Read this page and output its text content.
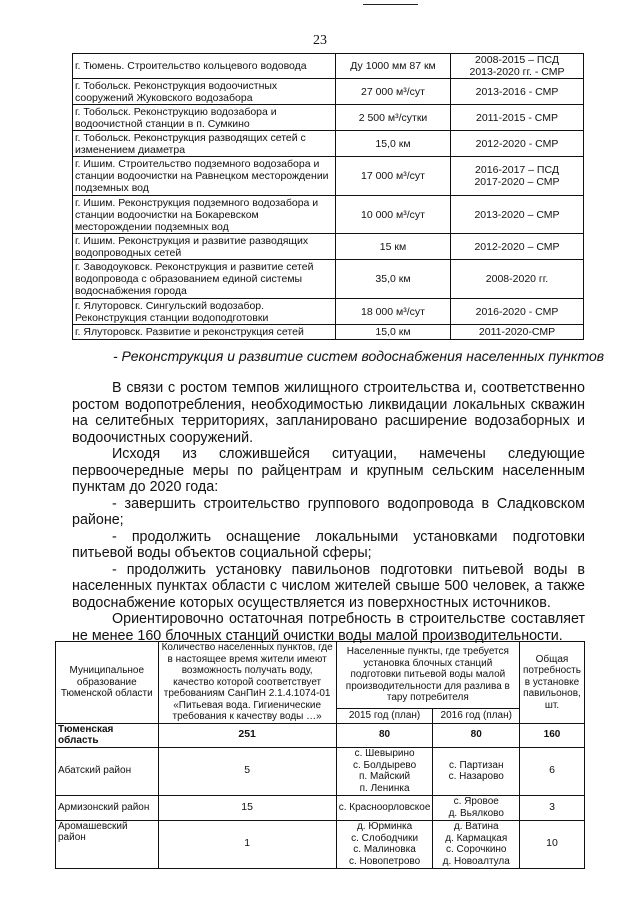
23
г. Тюмень. Строительство кольцевого водовода	Ду 1000 мм 87 км	2008-2015 – ПСД
2013-2020 гг. - СМР
г. Тобольск. Реконструкция водоочистных сооружений Жуковского водозабора	27 000 м³/сут	2013-2016 - СМР
г. Тобольск. Реконструкцию водозабора и водоочистной станции в п. Сумкино	2 500 м³/сутки	2011-2015 - СМР
г. Тобольск. Реконструкция разводящих сетей с изменением диаметра	15,0 км	2012-2020 - СМР
г. Ишим. Строительство подземного водозабора и станции водоочистки на Равнецком месторождении подземных вод	17 000 м³/сут	2016-2017 – ПСД
2017-2020 – СМР
г. Ишим. Реконструкция подземного водозабора и станции водоочистки на Бокаревском месторождении подземных вод	10 000 м³/сут	2013-2020 – СМР
г. Ишим. Реконструкция и развитие разводящих водопроводных сетей	15 км	2012-2020 – СМР
г. Заводоуковск. Реконструкция и развитие сетей водопровода с образованием единой системы водоснабжения города	35,0 км	2008-2020 гг.
г. Ялуторовск. Сингульский водозабор. Реконструкция станции водоподготовки	18 000 м³/сут	2016-2020 - СМР
г. Ялуторовск. Развитие и реконструкция сетей	15,0 км	2011-2020-СМР
- Реконструкция и развитие систем водоснабжения населенных пунктов

В связи с ростом темпов жилищного строительства и, соответственно ростом водопотребления, необходимостью ликвидации локальных скважин на селитебных территориях, запланировано расширение водозаборных и водоочистных сооружений.

Исходя из сложившейся ситуации, намечены следующие первоочередные меры по райцентрам и крупным сельским населенным пунктам до 2020 года:

- завершить строительство группового водопровода в Сладковском районе;

- продолжить оснащение локальными установками подготовки питьевой воды объектов социальной сферы;

- продолжить установку павильонов подготовки питьевой воды в населенных пунктах области с числом жителей свыше 500 человек, а также водоснабжение которых осуществляется из поверхностных источников.

Ориентировочно остаточная потребность в строительстве составляет не менее 160 блочных станций очистки воды малой производительности.

Муниципальное образование Тюменской области	Количество населенных пунктов, где в настоящее время жители имеют возможность получать воду, качество которой соответствует требованиям СанПиН 2.1.4.1074-01 «Питьевая вода. Гигиенические требования к качеству воды …»	Населенные пункты, где требуется установка блочных станций подготовки питьевой воды малой производительности для разлива в тару потребителя		Общая потребность в установке павильонов, шт.
		2015 год (план)	2016 год (план)	
Тюменская область	251	80	80	160
Абатский район	5	с. Шевырино
с. Болдырево
п. Майский
п. Ленинка	с. Партизан
с. Назарово	6
Армизонский район	15	с. Красноорловское	с. Яровое
д. Вьялково	3
Аромашевский район	1	д. Юрминка
с. Слободчики
с. Малиновка
с. Новопетрово	д. Ватина
д. Кармацкая
с. Сорочкино
д. Новоалтула	10
